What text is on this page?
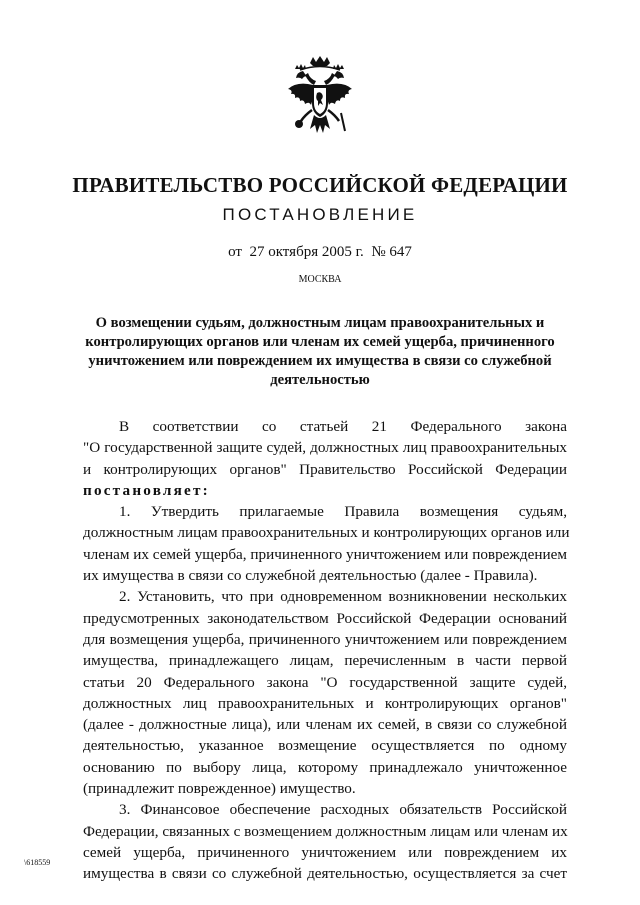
ПРАВИТЕЛЬСТВО РОССИЙСКОЙ ФЕДЕРАЦИИ
ПОСТАНОВЛЕНИЕ
от 27 октября 2005 г. № 647
МОСКВА
О возмещении судьям, должностным лицам правоохранительных и
контролирующих органов или членам их семей ущерба, причиненного
уничтожением или повреждением их имущества в связи со служебной
деятельностью
В соответствии со статьей 21 Федерального закона
"О государственной защите судей, должностных лиц правоохранительных
и контролирующих органов" Правительство Российской Федерации
постановляет:
1. Утвердить прилагаемые Правила возмещения судьям,
должностным лицам правоохранительных и контролирующих органов или
членам их семей ущерба, причиненного уничтожением или повреждением
их имущества в связи со служебной деятельностью (далее - Правила).
2. Установить, что при одновременном возникновении нескольких
предусмотренных законодательством Российской Федерации оснований
для возмещения ущерба, причиненного уничтожением или повреждением
имущества, принадлежащего лицам, перечисленным в части первой
статьи 20 Федерального закона "О государственной защите судей,
должностных лиц правоохранительных и контролирующих органов"
(далее - должностные лица), или членам их семей, в связи со служебной
деятельностью, указанное возмещение осуществляется по одному
основанию по выбору лица, которому принадлежало уничтоженное
(принадлежит поврежденное) имущество.
3. Финансовое обеспечение расходных обязательств Российской
Федерации, связанных с возмещением должностным лицам или членам их
семей ущерба, причиненного уничтожением или повреждением их
имущества в связи со служебной деятельностью, осуществляется за счет
\618559
